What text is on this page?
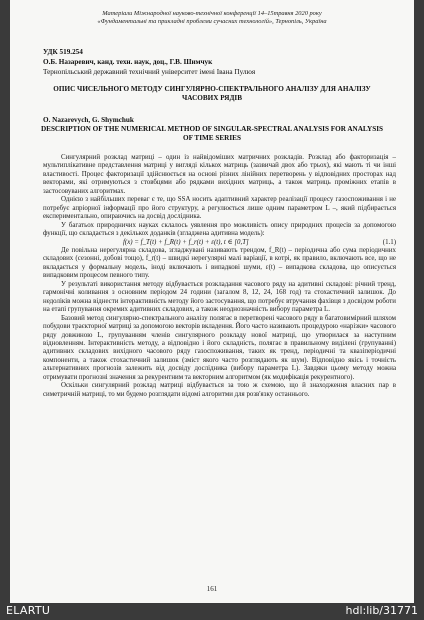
Матеріали Міжнародної науково-технічної конференції 14–15травня 2020 року
«Фундаментальні та прикладні проблеми сучасних технологій», Тернопіль, Україна
УДК 519.254
О.Б. Назаревич, канд. техн. наук, доц., Г.В. Шимчук
Тернопільський державний технічний університет імені Івана Пулюя
ОПИС ЧИСЕЛЬНОГО МЕТОДУ СИНГУЛЯРНО-СПЕКТРАЛЬНОГО АНАЛІЗУ ДЛЯ АНАЛІЗУ ЧАСОВИХ РЯДІВ
O. Nazarevych, G. Shymchuk
DESCRIPTION OF THE NUMERICAL METHOD OF SINGULAR-SPECTRAL ANALYSIS FOR ANALYSIS OF TIME SERIES

Сингулярний розклад матриці – один із найвідоміших матричних розкладів. Розклад або факторизація – мультиплікативне представлення матриці у вигляді кількох матриць (зазвичай двох або трьох), які мають ті чи інші властивості. Процес факторизації здійснюється на основі різних лінійних перетворень у відповідних просторах над векторами, які отримуються з стовбцями або рядками вихідних матриць, а також матриць проміжних етапів в застосовуваних алгоритмах.

Однією з найбільших переваг є те, що SSA носить адаптивний характер реалізації процесу газоспоживання і не потребує апріорної інформації про його структуру, а регулюється лише одним параметром L –, який підбирається експериментально, опираючись на досвід дослідника.

У багатьох природничих науках склалось уявлення про можливість опису природних процесів за допомогою функції, що складається з декількох доданків (згладжена адитивна модель):

f(x) = f_T(t) + f_R(t) + f_r(t) + ε(t), t ∈ [0,T]	(1.1)

Де повільна нерегулярна складова, згладжувані називають трендом, f_R(t) – періодична або сума періодичних складових (сезонні, добові тощо), f_r(t) – швидкі нерегулярні малі варіації, в котрі, як правило, включають все, що не вкладається у формальну модель, іноді включають і випадкові шуми, ε(t) – випадкова складова, що описується випадковим процесом певного типу.

У результаті використання методу відбувається розкладання часового ряду на адитивні складові: річний тренд, гармонічні коливання з основним періодом 24 години (загалом 8, 12, 24, 168 год) та стохастичний залишок. До недоліків можна віднести інтерактивність методу його застосування, що потребує втручання фахівця з досвідом роботи на етапі групування окремих адитивних складових, а також неоднозначність вибору параметра L.

Базовий метод сингулярно-спектрального аналізу полягає в перетворені часового ряду в багатовимірний шляхом побудови траєкторної матриці за допомогою векторів вкладення. Його часто називають процедурою «нарізки» часового ряду довжиною L, групуванням членів сингулярного розкладу нової матриці, що утворилася за наступним відновленням. Інтерактивність методу, а відповідно і його складність, полягає в правильному виділені (групуванні) адитивних складових вихідного часового ряду газоспоживання, таких як тренд, періодичні та квазіперіодичні компоненти, а також стохастичний залишок (зміст якого часто розглядають як шум). Відповідно якісь і точність альтернативних прогнозів залежить від досвіду дослідника (вибору параметра L). Завдяки цьому методу можна отримувати прогнозні значення за рекурентним та векторним алгоритмом (як модифікація рекурентного).

Оскільки сингулярний розклад матриці відбувається за тою ж схемою, що й знаходження власних пар в симетричній матриці, то ми будемо розглядати відомі алгоритми для розв'язку останнього.

161
ELARTU	hdl:lib/31771
